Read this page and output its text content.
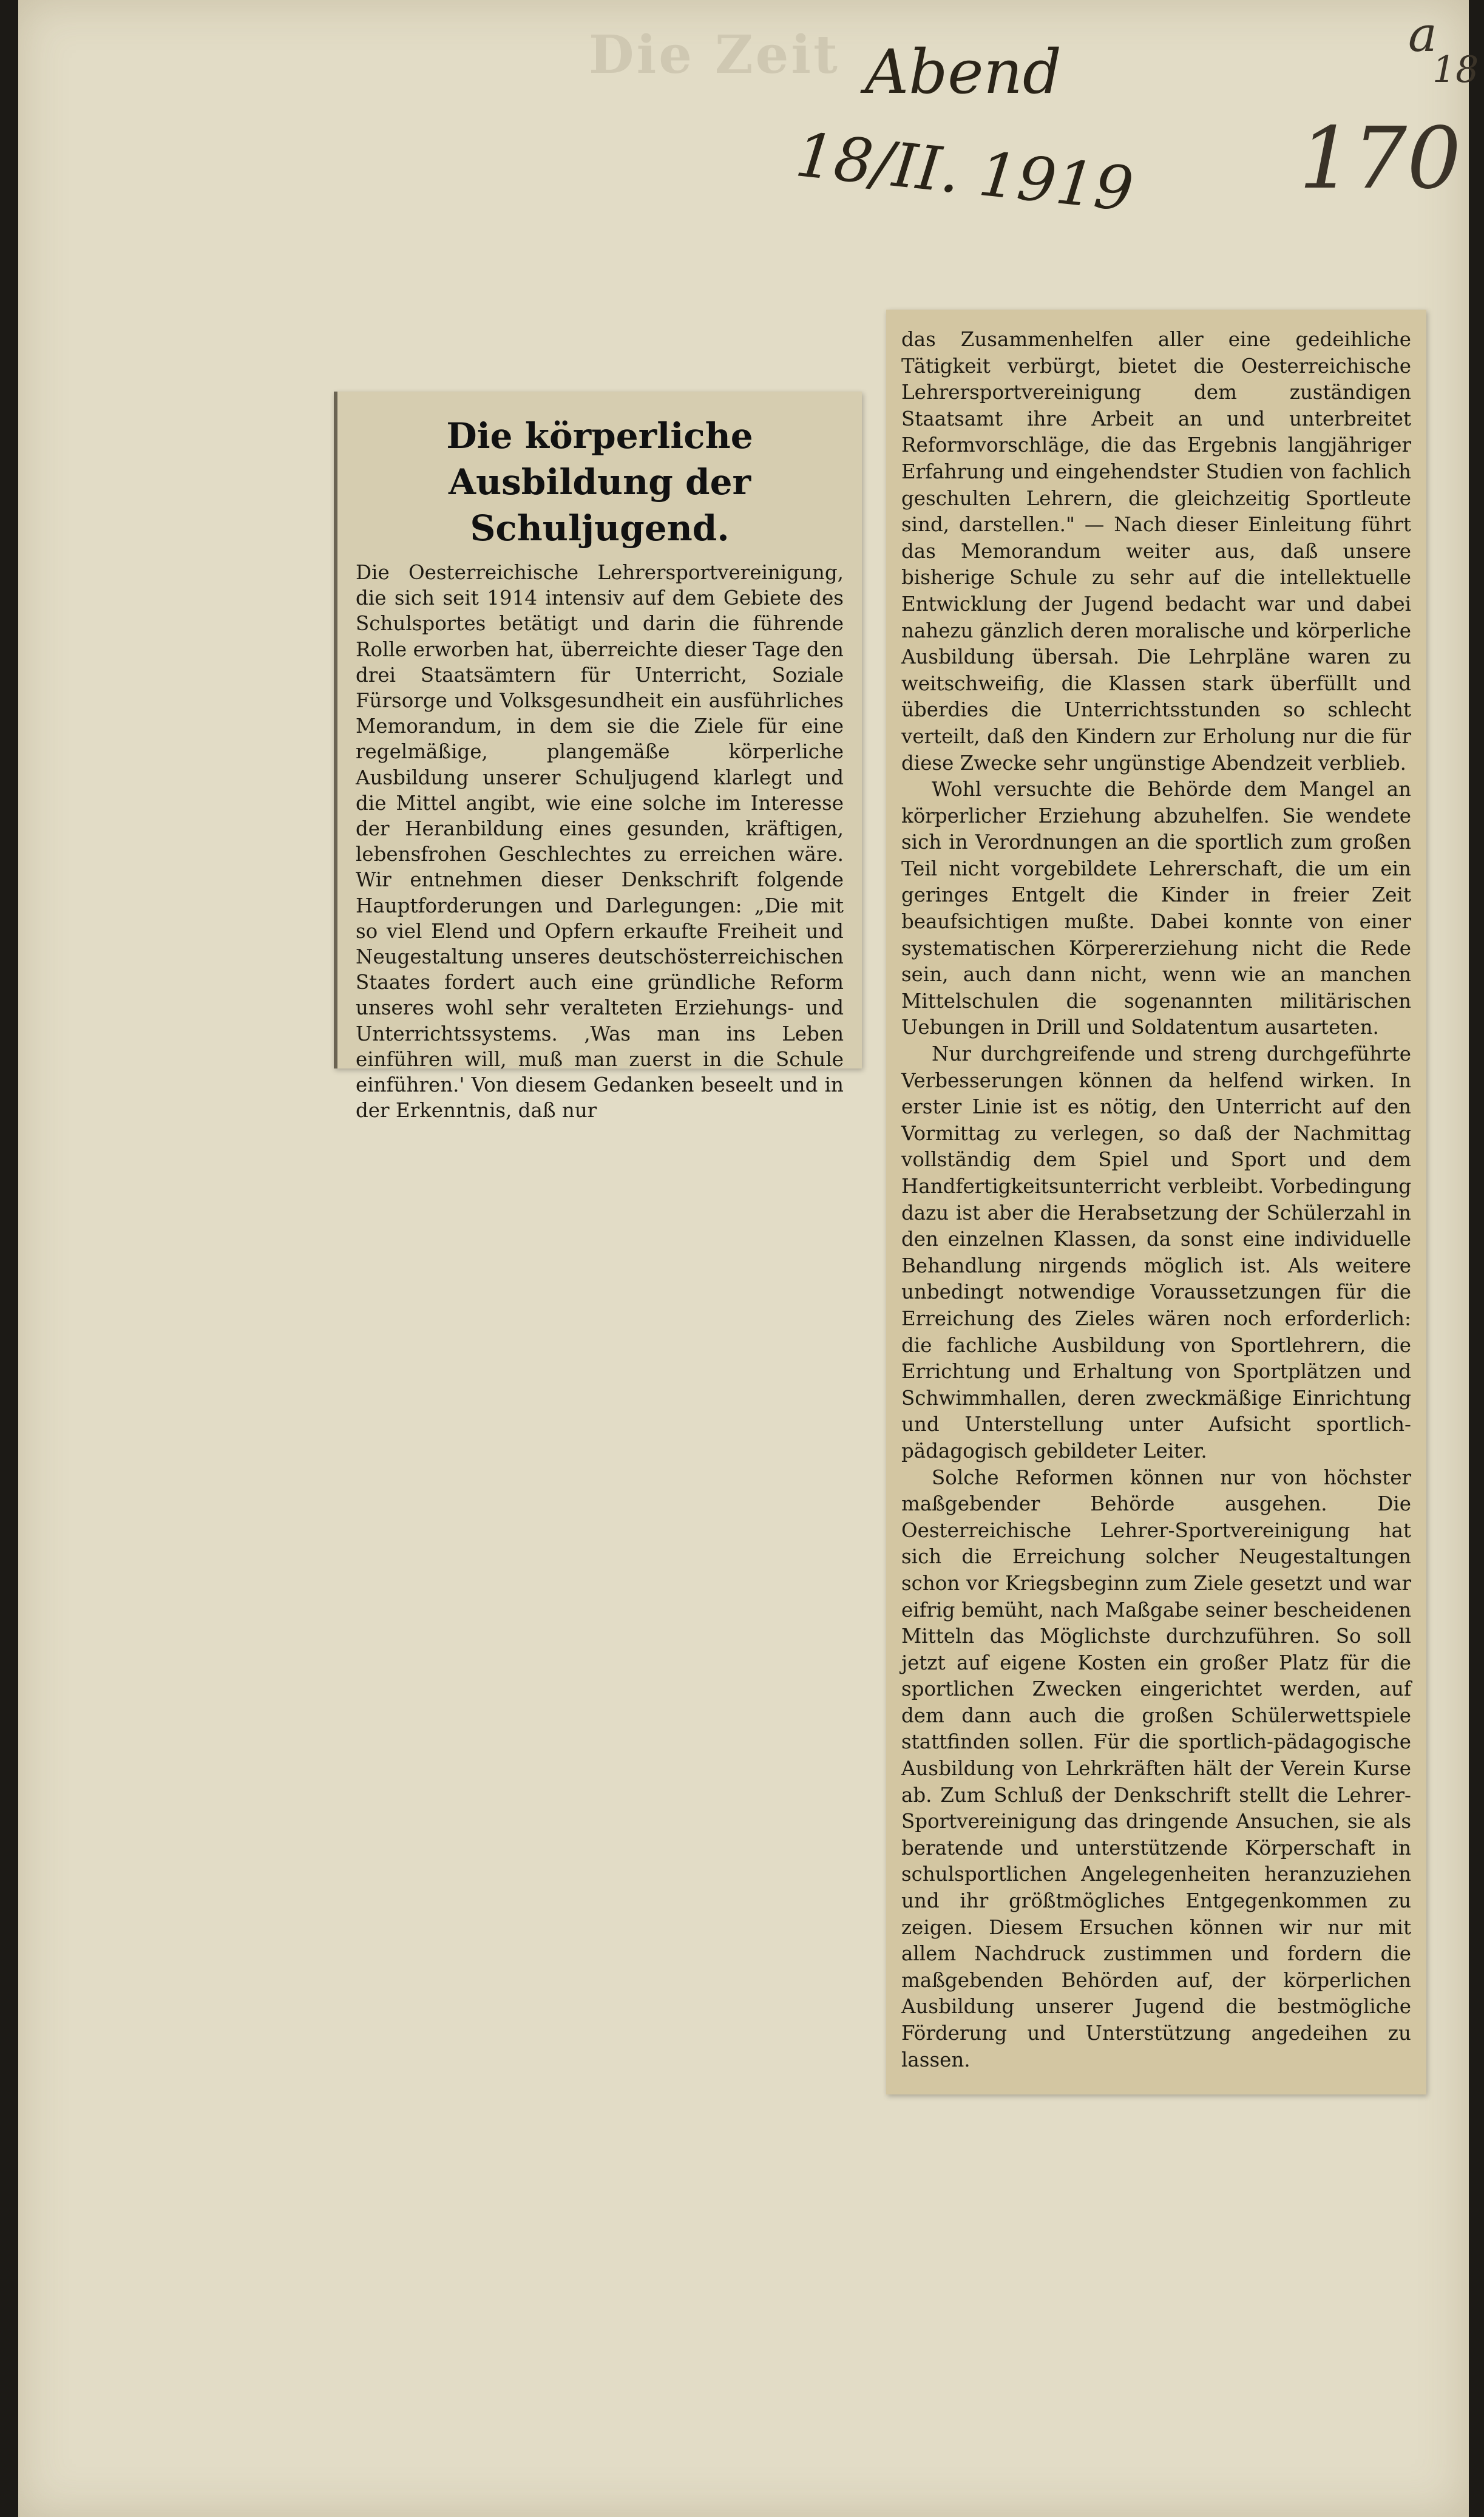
Die Zeit Abend
18/II. 1919 170
a
18
Die körperliche Ausbildung der Schuljugend.

Die Oesterreichische Lehrersportvereinigung, die sich seit 1914 intensiv auf dem Gebiete des Schulsportes betätigt und darin die führende Rolle erworben hat, überreichte dieser Tage den drei Staatsämtern für Unterricht, Soziale Fürsorge und Volksgesundheit ein ausführliches Memorandum, in dem sie die Ziele für eine regelmäßige, plangemäße körperliche Ausbildung unserer Schuljugend klarlegt und die Mittel angibt, wie eine solche im Interesse der Heranbildung eines gesunden, kräftigen, lebensfrohen Geschlechtes zu erreichen wäre. Wir entnehmen dieser Denkschrift folgende Hauptforderungen und Darlegungen: „Die mit so viel Elend und Opfern erkaufte Freiheit und Neugestaltung unseres deutschösterreichischen Staates fordert auch eine gründliche Reform unseres wohl sehr veralteten Erziehungs- und Unterrichtssystems. ‚Was man ins Leben einführen will, muß man zuerst in die Schule einführen.' Von diesem Gedanken beseelt und in der Erkenntnis, daß nur

das Zusammenhelfen aller eine gedeihliche Tätigkeit verbürgt, bietet die Oesterreichische Lehrersportvereinigung dem zuständigen Staatsamt ihre Arbeit an und unterbreitet Reformvorschläge, die das Ergebnis langjähriger Erfahrung und eingehendster Studien von fachlich geschulten Lehrern, die gleichzeitig Sportleute sind, darstellen." — Nach dieser Einleitung führt das Memorandum weiter aus, daß unsere bisherige Schule zu sehr auf die intellektuelle Entwicklung der Jugend bedacht war und dabei nahezu gänzlich deren moralische und körperliche Ausbildung übersah. Die Lehrpläne waren zu weitschweifig, die Klassen stark überfüllt und überdies die Unterrichtsstunden so schlecht verteilt, daß den Kindern zur Erholung nur die für diese Zwecke sehr ungünstige Abendzeit verblieb.

Wohl versuchte die Behörde dem Mangel an körperlicher Erziehung abzuhelfen. Sie wendete sich in Verordnungen an die sportlich zum großen Teil nicht vorgebildete Lehrerschaft, die um ein geringes Entgelt die Kinder in freier Zeit beaufsichtigen mußte. Dabei konnte von einer systematischen Körpererziehung nicht die Rede sein, auch dann nicht, wenn wie an manchen Mittelschulen die sogenannten militärischen Uebungen in Drill und Soldatentum ausarteten.

Nur durchgreifende und streng durchgeführte Verbesserungen können da helfend wirken. In erster Linie ist es nötig, den Unterricht auf den Vormittag zu verlegen, so daß der Nachmittag vollständig dem Spiel und Sport und dem Handfertigkeitsunterricht verbleibt. Vorbedingung dazu ist aber die Herabsetzung der Schülerzahl in den einzelnen Klassen, da sonst eine individuelle Behandlung nirgends möglich ist. Als weitere unbedingt notwendige Voraussetzungen für die Erreichung des Zieles wären noch erforderlich: die fachliche Ausbildung von Sportlehrern, die Errichtung und Erhaltung von Sportplätzen und Schwimmhallen, deren zweckmäßige Einrichtung und Unterstellung unter Aufsicht sportlich-pädagogisch gebildeter Leiter.

Solche Reformen können nur von höchster maßgebender Behörde ausgehen. Die Oesterreichische Lehrer-Sportvereinigung hat sich die Erreichung solcher Neugestaltungen schon vor Kriegsbeginn zum Ziele gesetzt und war eifrig bemüht, nach Maßgabe seiner bescheidenen Mitteln das Möglichste durchzuführen. So soll jetzt auf eigene Kosten ein großer Platz für die sportlichen Zwecken eingerichtet werden, auf dem dann auch die großen Schülerwettspiele stattfinden sollen. Für die sportlich-pädagogische Ausbildung von Lehrkräften hält der Verein Kurse ab. Zum Schluß der Denkschrift stellt die Lehrer-Sportvereinigung das dringende Ansuchen, sie als beratende und unterstützende Körperschaft in schulsportlichen Angelegenheiten heranzuziehen und ihr größtmögliches Entgegenkommen zu zeigen. Diesem Ersuchen können wir nur mit allem Nachdruck zustimmen und fordern die maßgebenden Behörden auf, der körperlichen Ausbildung unserer Jugend die bestmögliche Förderung und Unterstützung angedeihen zu lassen.
